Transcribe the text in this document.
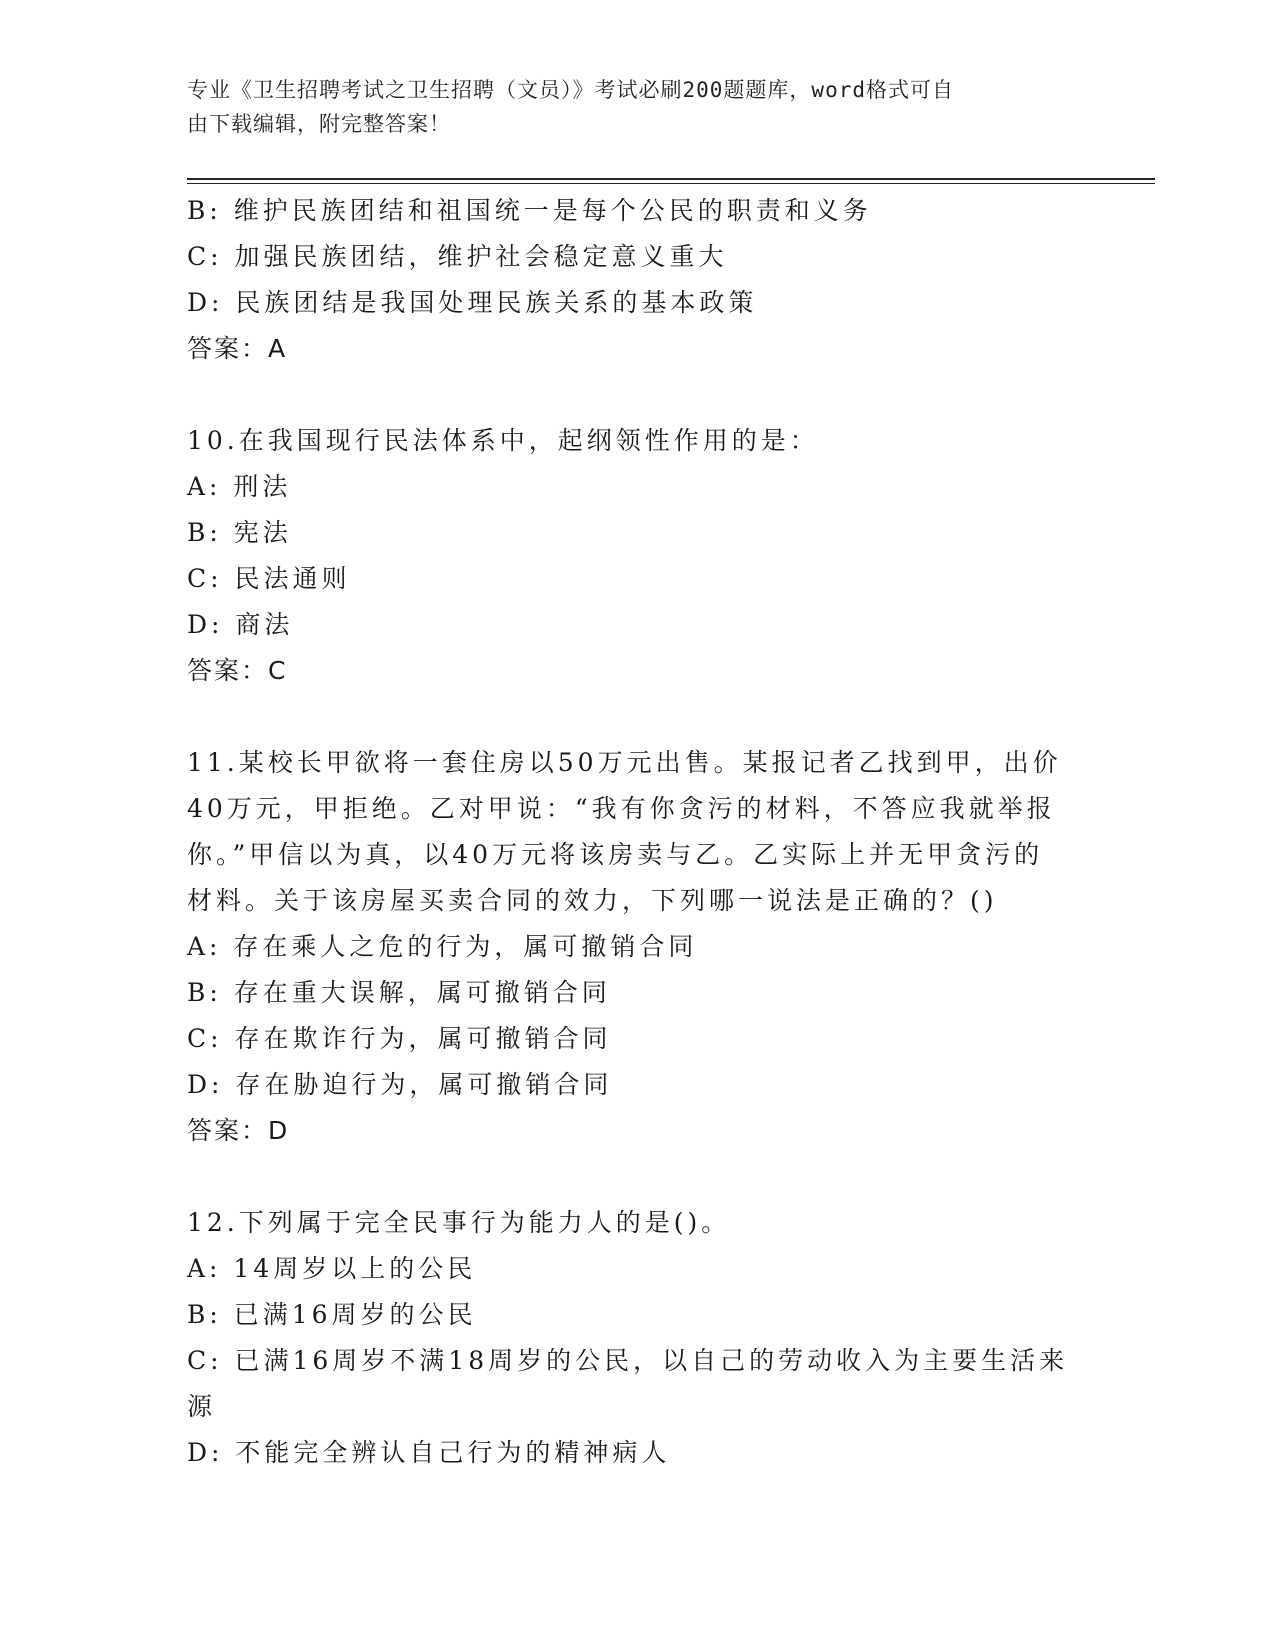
专业《卫生招聘考试之卫生招聘（文员）》考试必刷200题题库，word格式可自
由下载编辑，附完整答案！
B: 维护民族团结和祖国统一是每个公民的职责和义务
C: 加强民族团结，维护社会稳定意义重大
D: 民族团结是我国处理民族关系的基本政策
答案：A
10.在我国现行民法体系中，起纲领性作用的是：
A: 刑法
B: 宪法
C: 民法通则
D: 商法
答案：C
11.某校长甲欲将一套住房以50万元出售。某报记者乙找到甲，出价
40万元，甲拒绝。乙对甲说：“我有你贪污的材料，不答应我就举报
你。”甲信以为真，以40万元将该房卖与乙。乙实际上并无甲贪污的
材料。关于该房屋买卖合同的效力，下列哪一说法是正确的？()
A: 存在乘人之危的行为，属可撤销合同
B: 存在重大误解，属可撤销合同
C: 存在欺诈行为，属可撤销合同
D: 存在胁迫行为，属可撤销合同
答案：D
12.下列属于完全民事行为能力人的是()。
A: 14周岁以上的公民
B: 已满16周岁的公民
C: 已满16周岁不满18周岁的公民，以自己的劳动收入为主要生活来
源
D: 不能完全辨认自己行为的精神病人
